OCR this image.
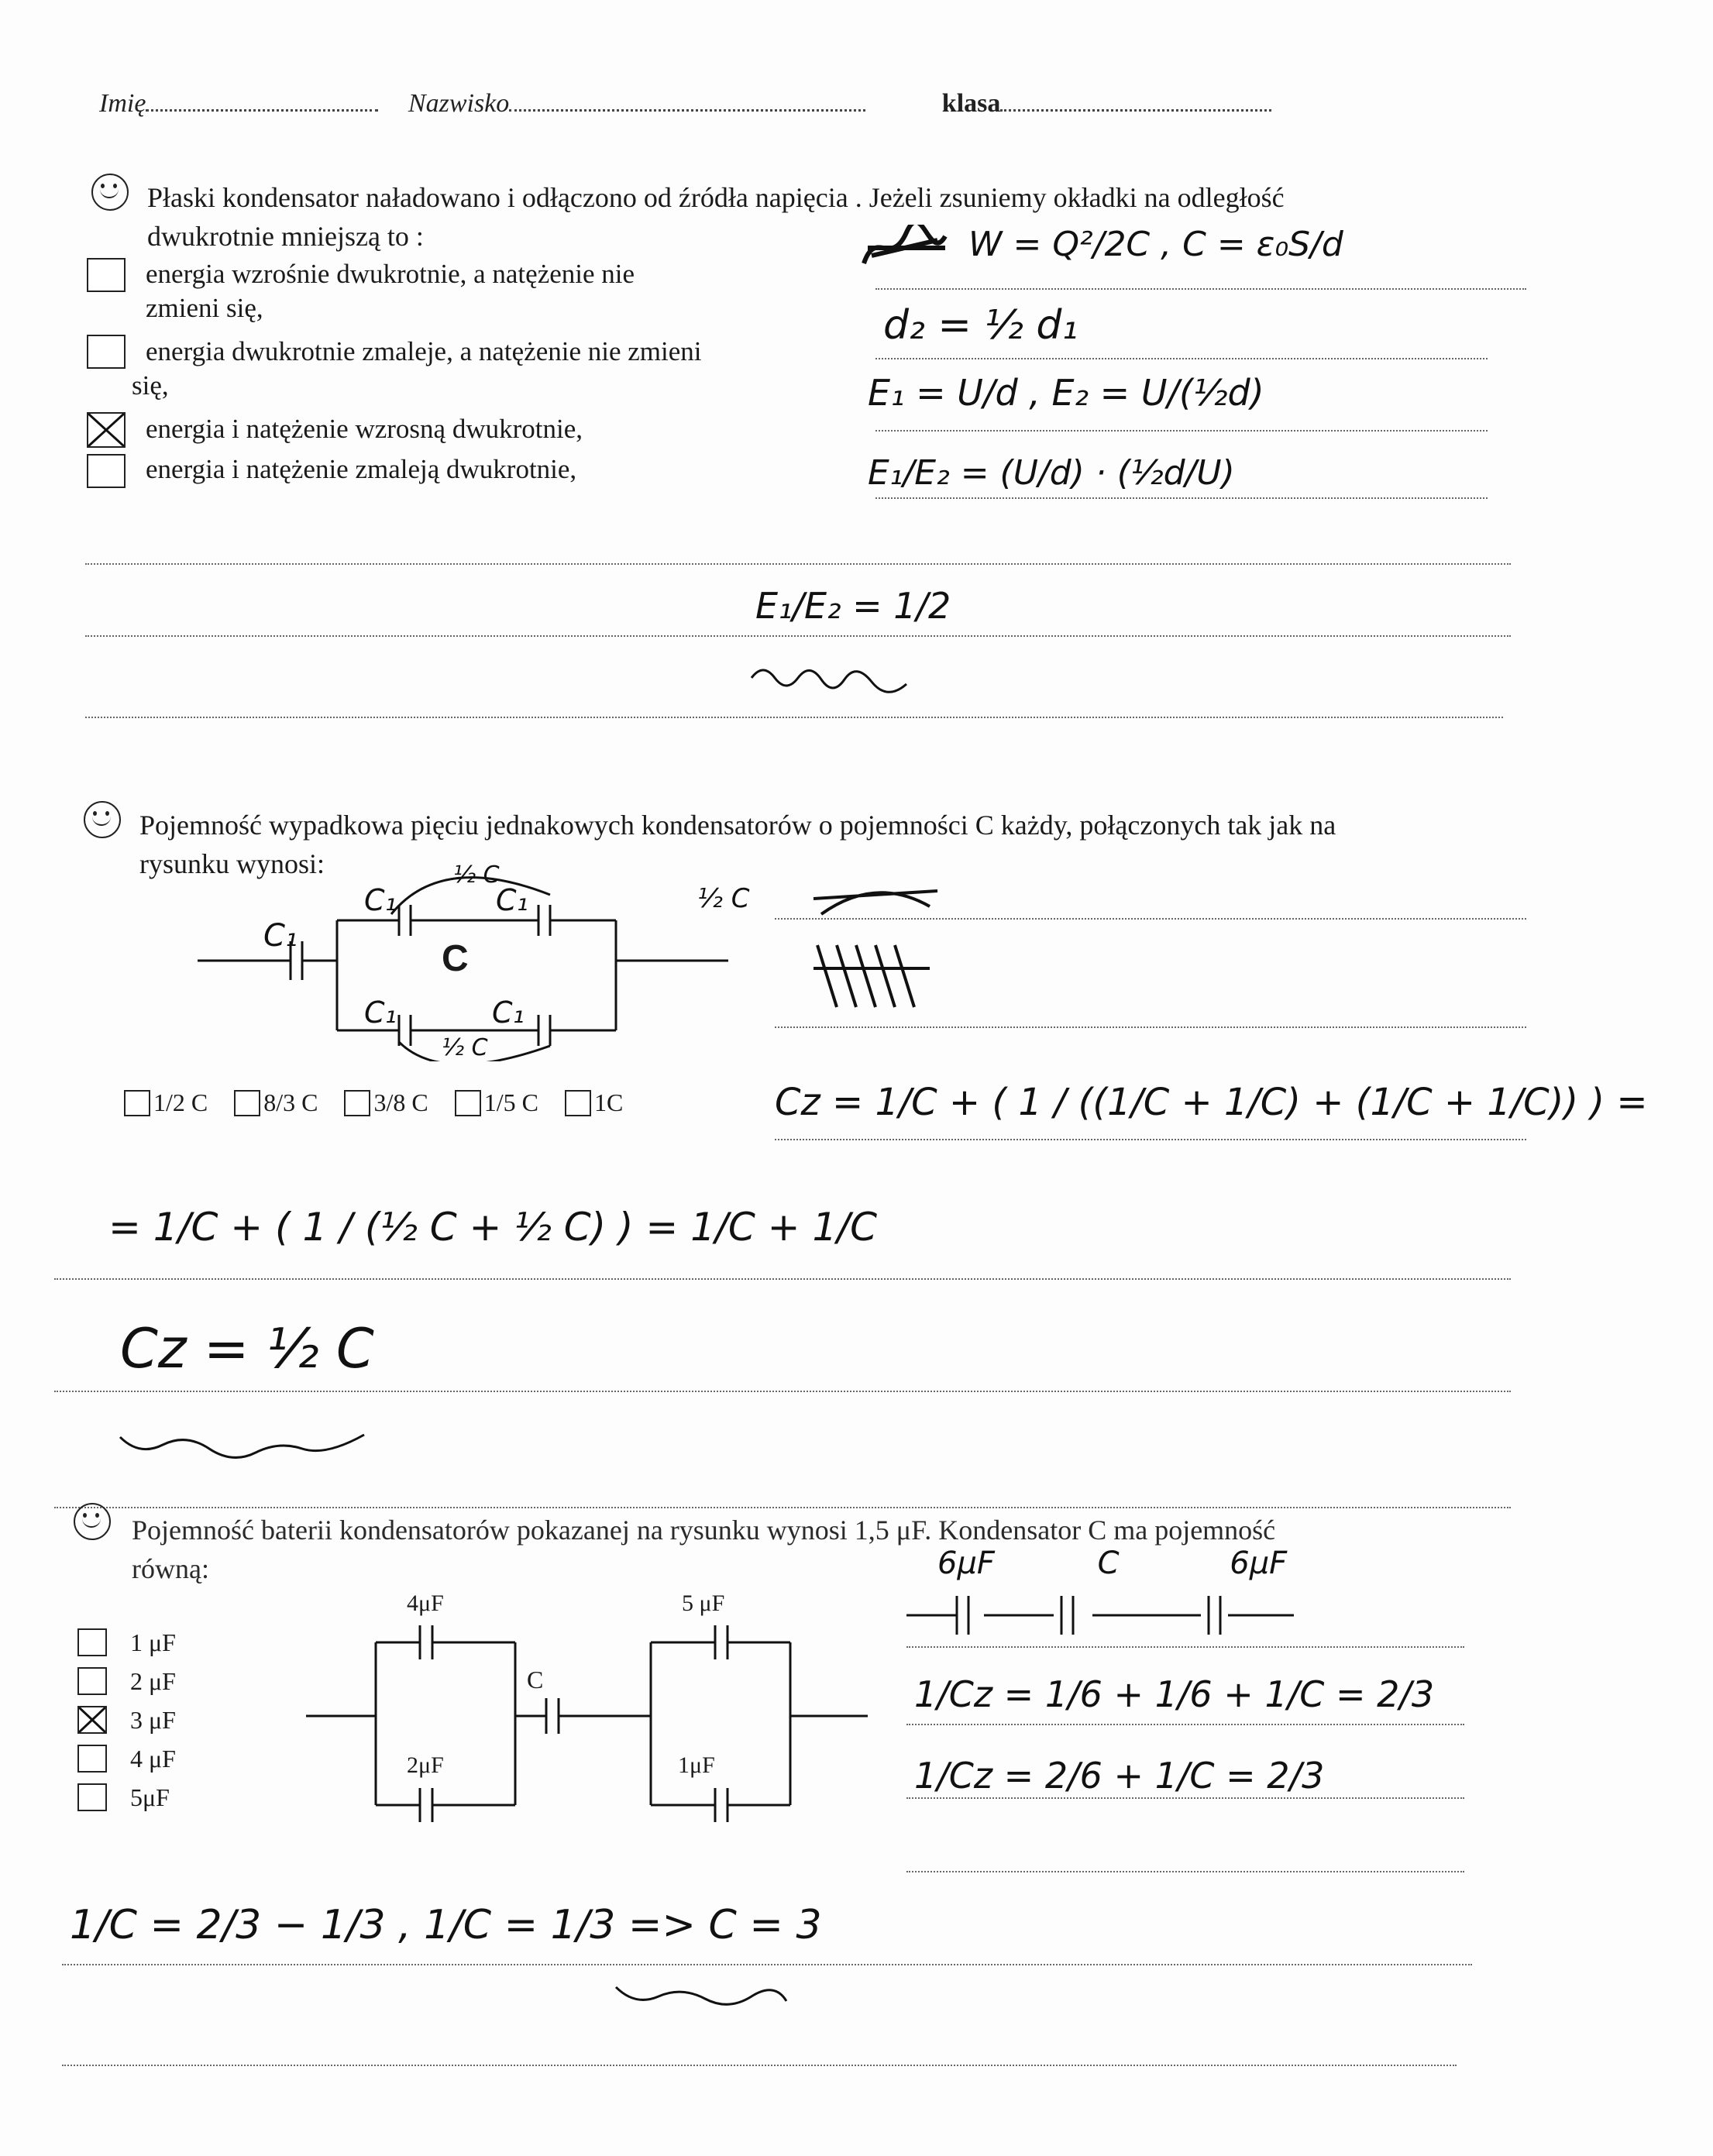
Imię	Nazwisko	klasa
Płaski kondensator naładowano i odłączono od źródła napięcia . Jeżeli zsuniemy okładki na odległość
dwukrotnie mniejszą to :
energia wzrośnie dwukrotnie, a natężenie nie
zmieni się,
energia dwukrotnie zmaleje, a natężenie nie zmieni
się,
energia i natężenie wzrosną dwukrotnie,
energia i natężenie zmaleją dwukrotnie,
W = Q²/2C , C = ε₀S/d
d₂ = ½ d₁
E₁ = U/d , E₂ = U/(½d)
E₁/E₂ = (U/d) · (½d/U)
E₁/E₂ = 1/2
Pojemność wypadkowa pięciu jednakowych kondensatorów o pojemności C każdy, połączonych tak jak na
rysunku wynosi:
C₁
C₁	C₁
C₁	C₁
C
½ C
½ C
½ C
1/2 C 8/3 C 3/8 C 1/5 C 1C	Cz = 1/C + ( 1 / ((1/C + 1/C) + (1/C + 1/C)) ) =
= 1/C + ( 1 / (½ C + ½ C) ) = 1/C + 1/C
Cz = ½ C
Pojemność baterii kondensatorów pokazanej na rysunku wynosi 1,5 μF. Kondensator C ma pojemność
równą:
1 μF
2 μF
3 μF
4 μF
5μF
4μF
2μF
C
5 μF
1μF
6μF	C	6μF
1/Cz = 1/6 + 1/6 + 1/C = 2/3
1/Cz = 2/6 + 1/C = 2/3
1/C = 2/3 − 1/3 , 1/C = 1/3 => C = 3
